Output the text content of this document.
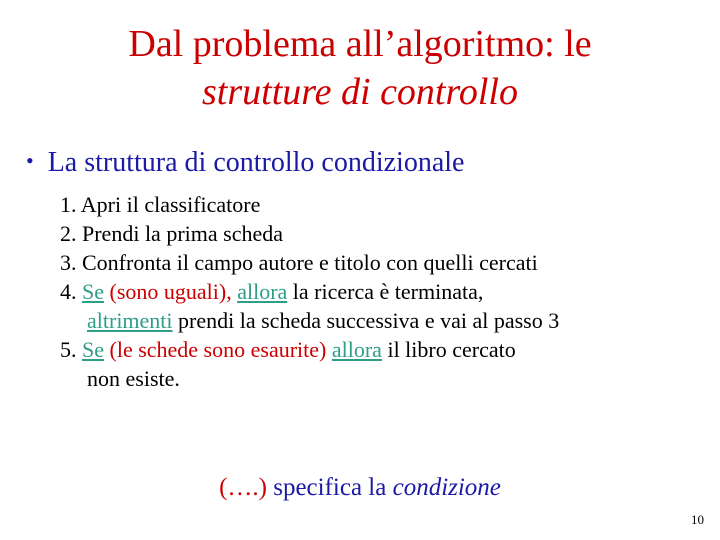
Dal problema all’algoritmo: le
strutture di controllo
• La struttura di controllo condizionale
1. Apri il classificatore
2. Prendi la prima scheda
3. Confronta il campo autore e titolo con quelli cercati
4. Se (sono uguali), allora la ricerca è terminata,
altrimenti prendi la scheda successiva e vai al passo 3
5. Se (le schede sono esaurite) allora il libro cercato
non esiste.
(….) specifica la condizione
10
